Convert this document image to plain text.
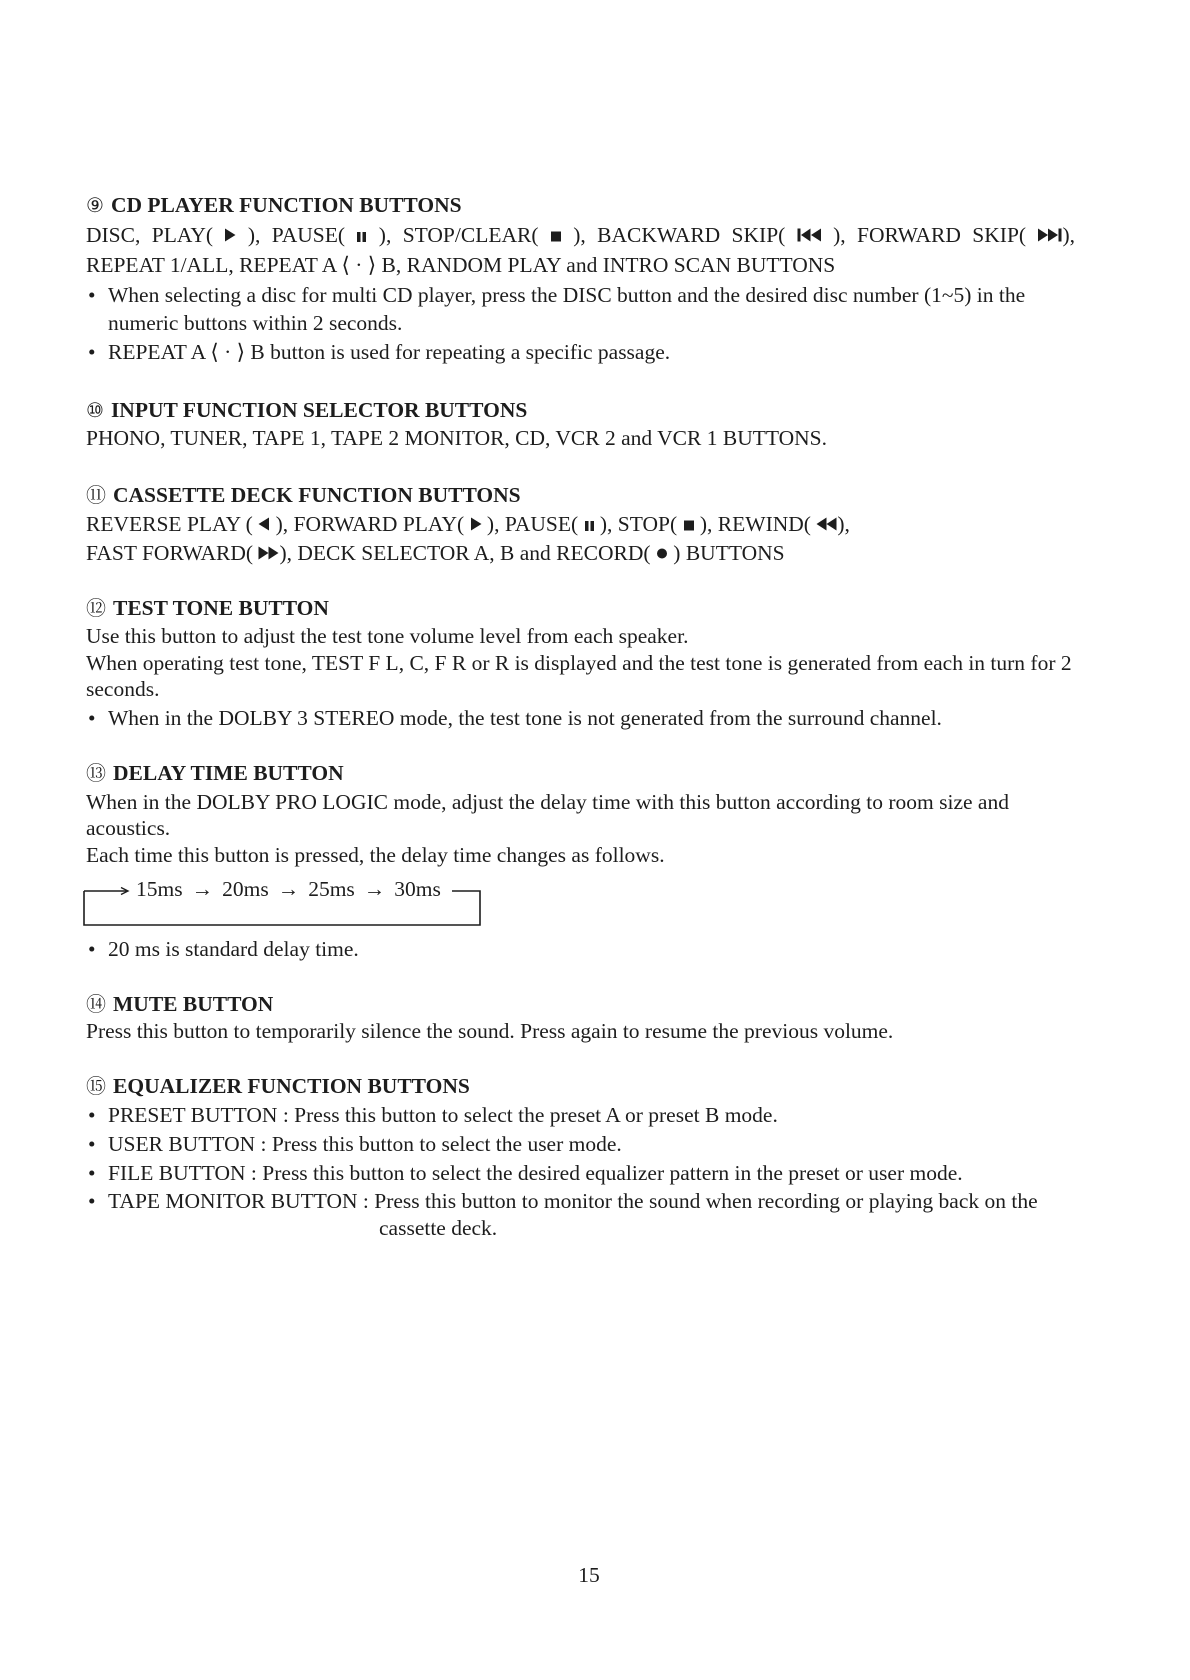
⑨ CD PLAYER FUNCTION BUTTONS
DISC, PLAY(  ), PAUSE(  ), STOP/CLEAR(  ), BACKWARD SKIP(  ), FORWARD SKIP( ),
REPEAT 1/ALL, REPEAT A ⟨ · ⟩ B, RANDOM PLAY and INTRO SCAN BUTTONS
• When selecting a disc for multi CD player, press the DISC button and the desired disc number (1~5) in the
numeric buttons within 2 seconds.
• REPEAT A ⟨ · ⟩ B button is used for repeating a specific passage.
⑩ INPUT FUNCTION SELECTOR BUTTONS
PHONO, TUNER, TAPE 1, TAPE 2 MONITOR, CD, VCR 2 and VCR 1 BUTTONS.
⑪ CASSETTE DECK FUNCTION BUTTONS
REVERSE PLAY (  ), FORWARD PLAY(  ), PAUSE(  ), STOP(  ), REWIND( ),
FAST FORWARD( ), DECK SELECTOR A, B and RECORD(  ) BUTTONS
⑫ TEST TONE BUTTON
Use this button to adjust the test tone volume level from each speaker.
When operating test tone, TEST F L, C, F R or R is displayed and the test tone is generated from each in turn for 2
seconds.
• When in the DOLBY 3 STEREO mode, the test tone is not generated from the surround channel.
⑬ DELAY TIME BUTTON
When in the DOLBY PRO LOGIC mode, adjust the delay time with this button according to room size and
acoustics.
Each time this button is pressed, the delay time changes as follows.
15ms → 20ms → 25ms → 30ms
• 20 ms is standard delay time.
⑭ MUTE BUTTON
Press this button to temporarily silence the sound. Press again to resume the previous volume.
⑮ EQUALIZER FUNCTION BUTTONS
• PRESET BUTTON : Press this button to select the preset A or preset B mode.
• USER BUTTON : Press this button to select the user mode.
• FILE BUTTON : Press this button to select the desired equalizer pattern in the preset or user mode.
• TAPE MONITOR BUTTON : Press this button to monitor the sound when recording or playing back on the
cassette deck.
15
